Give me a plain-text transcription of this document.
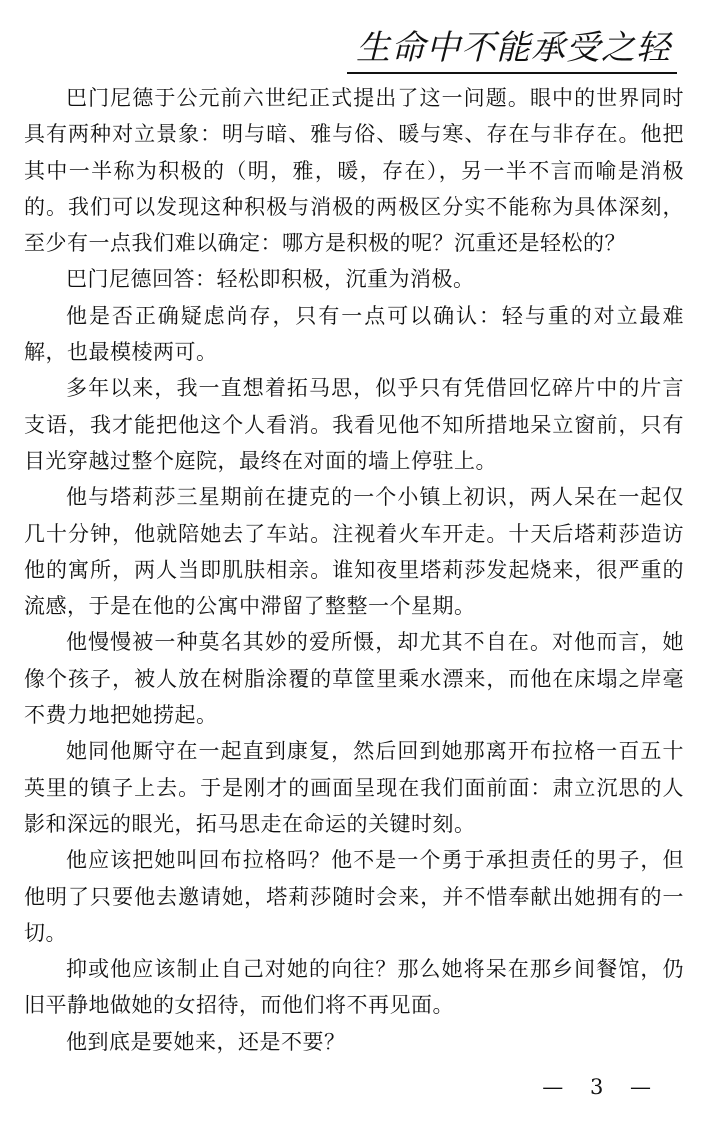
生命中不能承受之轻

巴门尼德于公元前六世纪正式提出了这一问题。眼中的世界同时具有两种对立景象：明与暗、雅与俗、暖与寒、存在与非存在。他把其中一半称为积极的（明，雅，暖，存在），另一半不言而喻是消极的。我们可以发现这种积极与消极的两极区分实不能称为具体深刻，至少有一点我们难以确定：哪方是积极的呢？沉重还是轻松的？

巴门尼德回答：轻松即积极，沉重为消极。

他是否正确疑虑尚存，只有一点可以确认：轻与重的对立最难解，也最模棱两可。

多年以来，我一直想着拓马思，似乎只有凭借回忆碎片中的片言支语，我才能把他这个人看消。我看见他不知所措地呆立窗前，只有目光穿越过整个庭院，最终在对面的墙上停驻上。

他与塔莉莎三星期前在捷克的一个小镇上初识，两人呆在一起仅几十分钟，他就陪她去了车站。注视着火车开走。十天后塔莉莎造访他的寓所，两人当即肌肤相亲。谁知夜里塔莉莎发起烧来，很严重的流感，于是在他的公寓中滞留了整整一个星期。

他慢慢被一种莫名其妙的爱所慑，却尤其不自在。对他而言，她像个孩子，被人放在树脂涂覆的草筐里乘水漂来，而他在床塌之岸毫不费力地把她捞起。

她同他厮守在一起直到康复，然后回到她那离开布拉格一百五十英里的镇子上去。于是刚才的画面呈现在我们面前面：肃立沉思的人影和深远的眼光，拓马思走在命运的关键时刻。

他应该把她叫回布拉格吗？他不是一个勇于承担责任的男子，但他明了只要他去邀请她，塔莉莎随时会来，并不惜奉献出她拥有的一切。

抑或他应该制止自己对她的向往？那么她将呆在那乡间餐馆，仍旧平静地做她的女招待，而他们将不再见面。

他到底是要她来，还是不要？

— 3 —
